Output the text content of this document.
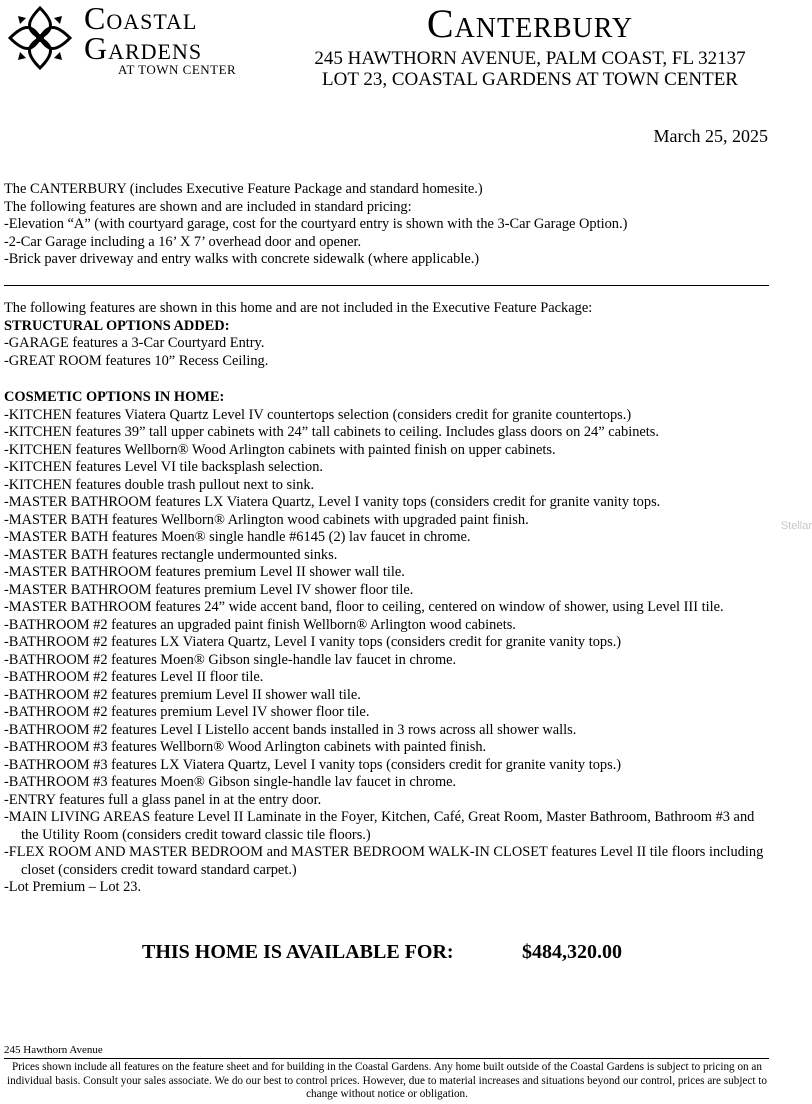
Coastal
Gardens
AT TOWN CENTER
Canterbury
245 HAWTHORN AVENUE, PALM COAST, FL 32137
LOT 23, COASTAL GARDENS AT TOWN CENTER
March 25, 2025
Stellar

The CANTERBURY (includes Executive Feature Package and standard homesite.)

The following features are shown and are included in standard pricing:

-Elevation “A” (with courtyard garage, cost for the courtyard entry is shown with the 3-Car Garage Option.)

-2-Car Garage including a 16’ X 7’ overhead door and opener.

-Brick paver driveway and entry walks with concrete sidewalk (where applicable.)

The following features are shown in this home and are not included in the Executive Feature Package:

STRUCTURAL OPTIONS ADDED:

-GARAGE features a 3-Car Courtyard Entry.

-GREAT ROOM features 10” Recess Ceiling.

COSMETIC OPTIONS IN HOME:

-KITCHEN features Viatera Quartz Level IV countertops selection (considers credit for granite countertops.)

-KITCHEN features 39” tall upper cabinets with 24” tall cabinets to ceiling. Includes glass doors on 24” cabinets.

-KITCHEN features Wellborn® Wood Arlington cabinets with painted finish on upper cabinets.

-KITCHEN features Level VI tile backsplash selection.

-KITCHEN features double trash pullout next to sink.

-MASTER BATHROOM features LX Viatera Quartz, Level I vanity tops (considers credit for granite vanity tops.

-MASTER BATH features Wellborn® Arlington wood cabinets with upgraded paint finish.

-MASTER BATH features Moen® single handle #6145 (2) lav faucet in chrome.

-MASTER BATH features rectangle undermounted sinks.

-MASTER BATHROOM features premium Level II shower wall tile.

-MASTER BATHROOM features premium Level IV shower floor tile.

-MASTER BATHROOM features 24” wide accent band, floor to ceiling, centered on window of shower, using Level III tile.

-BATHROOM #2 features an upgraded paint finish Wellborn® Arlington wood cabinets.

-BATHROOM #2 features LX Viatera Quartz, Level I vanity tops (considers credit for granite vanity tops.)

-BATHROOM #2 features Moen® Gibson single-handle lav faucet in chrome.

-BATHROOM #2 features Level II floor tile.

-BATHROOM #2 features premium Level II shower wall tile.

-BATHROOM #2 features premium Level IV shower floor tile.

-BATHROOM #2 features Level I Listello accent bands installed in 3 rows across all shower walls.

-BATHROOM #3 features Wellborn® Wood Arlington cabinets with painted finish.

-BATHROOM #3 features LX Viatera Quartz, Level I vanity tops (considers credit for granite vanity tops.)

-BATHROOM #3 features Moen® Gibson single-handle lav faucet in chrome.

-ENTRY features full a glass panel in at the entry door.

-MAIN LIVING AREAS feature Level II Laminate in the Foyer, Kitchen, Café, Great Room, Master Bathroom, Bathroom #3 and the Utility Room (considers credit toward classic tile floors.)

-FLEX ROOM AND MASTER BEDROOM and MASTER BEDROOM WALK-IN CLOSET features Level II tile floors including closet (considers credit toward standard carpet.)

-Lot Premium – Lot 23.

THIS HOME IS AVAILABLE FOR:	$484,320.00
245 Hawthorn Avenue
Prices shown include all features on the feature sheet and for building in the Coastal Gardens. Any home built outside of the Coastal Gardens is subject to pricing on an individual basis. Consult your sales associate. We do our best to control prices. However, due to material increases and situations beyond our control, prices are subject to change without notice or obligation.
